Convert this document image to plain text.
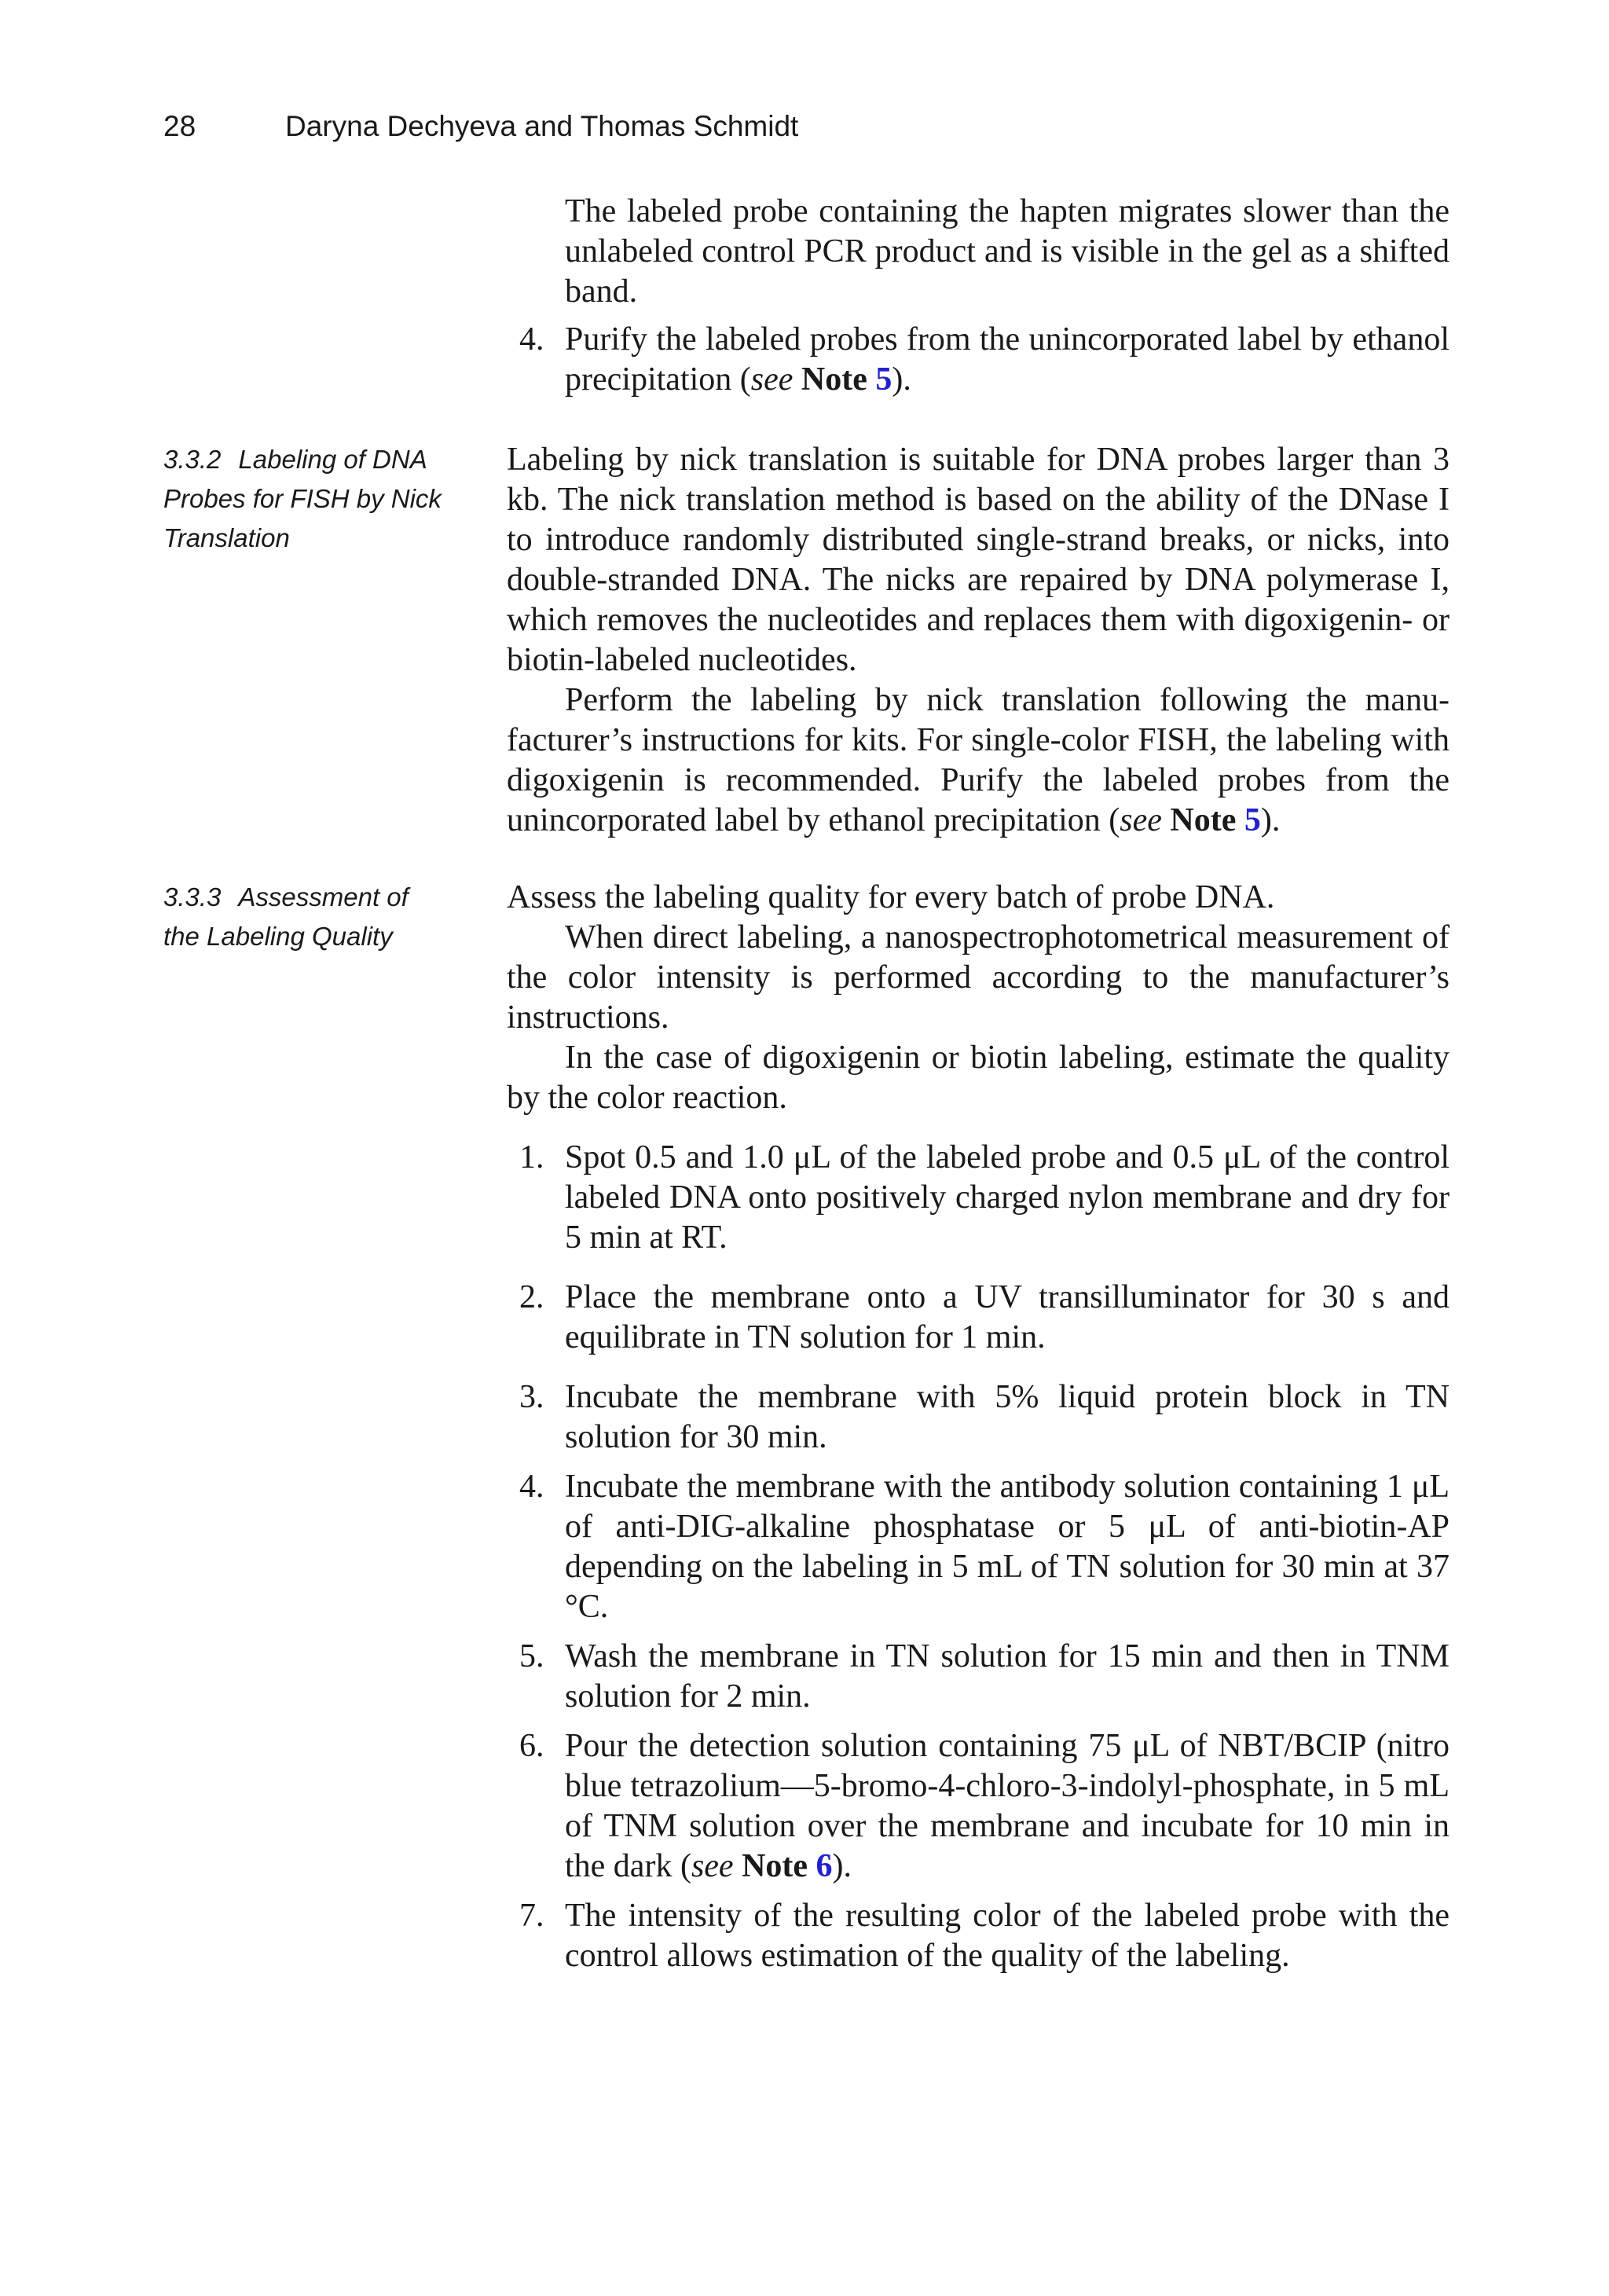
28	Daryna Dechyeva and Thomas Schmidt

The labeled probe containing the hapten migrates slower than the unlabeled control PCR product and is visible in the gel as a shifted band.

4. Purify the labeled probes from the unincorporated label by ethanol precipitation (see Note 5).

3.3.2 Labeling of DNA Probes for FISH by Nick Translation

Labeling by nick translation is suitable for DNA probes larger than 3 kb. The nick translation method is based on the ability of the DNase I to introduce randomly distributed single-strand breaks, or nicks, into double-stranded DNA. The nicks are repaired by DNA polymerase I, which removes the nucleotides and replaces them with digoxigenin- or biotin-labeled nucleotides.

Perform the labeling by nick translation following the manufacturer’s instructions for kits. For single-color FISH, the labeling with digoxigenin is recommended. Purify the labeled probes from the unincorporated label by ethanol precipitation (see Note 5).

3.3.3 Assessment of the Labeling Quality

Assess the labeling quality for every batch of probe DNA.

When direct labeling, a nanospectrophotometrical measurement of the color intensity is performed according to the manufacturer’s instructions.

In the case of digoxigenin or biotin labeling, estimate the quality by the color reaction.

1. Spot 0.5 and 1.0 μL of the labeled probe and 0.5 μL of the control labeled DNA onto positively charged nylon membrane and dry for 5 min at RT.

2. Place the membrane onto a UV transilluminator for 30 s and equilibrate in TN solution for 1 min.

3. Incubate the membrane with 5% liquid protein block in TN solution for 30 min.

4. Incubate the membrane with the antibody solution containing 1 μL of anti-DIG-alkaline phosphatase or 5 μL of anti-biotin-AP depending on the labeling in 5 mL of TN solution for 30 min at 37 °C.

5. Wash the membrane in TN solution for 15 min and then in TNM solution for 2 min.

6. Pour the detection solution containing 75 μL of NBT/BCIP (nitro blue tetrazolium—5-bromo-4-chloro-3-indolyl-phosphate, in 5 mL of TNM solution over the membrane and incubate for 10 min in the dark (see Note 6).

7. The intensity of the resulting color of the labeled probe with the control allows estimation of the quality of the labeling.
